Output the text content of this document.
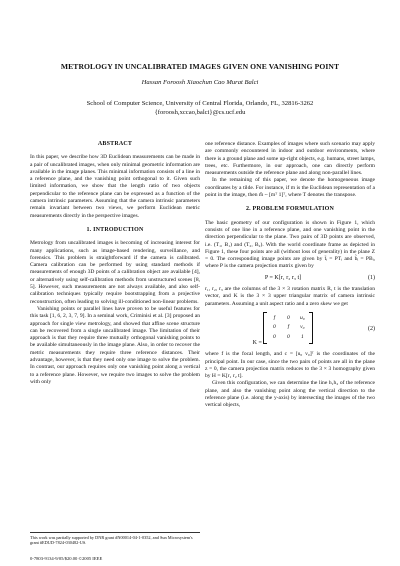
METROLOGY IN UNCALIBRATED IMAGES GIVEN ONE VANISHING POINT
Hassan Foroosh Xiaochun Cao Murat Balci
School of Computer Science, University of Central Florida, Orlando, FL, 32816-3262
{foroosh,xccao,balci}@cs.ucf.edu
ABSTRACT

In this paper, we describe how 3D Euclidean measurements can be made in a pair of uncalibrated images, when only minimal geometric information are available in the image planes. This minimal information consists of a line in a reference plane, and the vanishing point orthogonal to it. Given such limited information, we show that the length ratio of two objects perpendicular to the reference plane can be expressed as a function of the camera intrinsic parameters. Assuming that the camera intrinsic parameters remain invariant between two views, we perform Euclidean metric measurements directly in the perspective images.

1. INTRODUCTION

Metrology from uncalibrated images is becoming of increasing interest for many applications, such as image-based rendering, surveillance, and forensics. This problem is straightforward if the camera is calibrated. Camera calibration can be performed by using standard methods if measurements of enough 3D points of a calibration object are available [4], or alternatively using self-calibration methods from unstructured scenes [8, 5]. However, such measurements are not always available, and also self-calibration techniques typically require bootstrapping from a projective reconstruction, often leading to solving ill-conditioned non-linear problems.

Vanishing points or parallel lines have proven to be useful features for this task [1, 6, 2, 3, 7, 9]. In a seminal work, Criminisi et al. [3] proposed an approach for single view metrology, and showed that affine scene structure can be recovered from a single uncalibrated image. The limitation of their approach is that they require three mutually orthogonal vanishing points to be available simultaneously in the image plane. Also, in order to recover the metric measurements they require three reference distances. Their advantage, however, is that they need only one image to solve the problem. In contrast, our approach requires only one vanishing point along a vertical to a reference plane. However, we require two images to solve the problem with only

This work was partially supported by DNR grant #N00014-04-1-0352, and Sun Microsystem's grant #EDUD-7824-030482-US.
0-7803-9134-9/05/$20.00 ©2005 IEEE

one reference distance. Examples of images where such scenario may apply are commonly encountered in indoor and outdoor environments, where there is a ground plane and some up-right objects, e.g. humans, street lamps, trees, etc. Furthermore, in our approach, one can directly perform measurements outside the reference plane and along non-parallel lines.

In the remaining of this paper, we denote the homogeneous image coordinates by a tilde. For instance, if m is the Euclidean representation of a point in the image, then m̃ ~ [mᵀ 1]ᵀ, where T denotes the transpose.

2. PROBLEM FORMULATION

The basic geometry of our configuration is shown in Figure 1, which consists of one line in a reference plane, and one vanishing point in the direction perpendicular to the plane. Two pairs of 3D points are observed, i.e. (T₁, B₁) and (T₂, B₂). With the world coordinate frame as depicted in Figure 1, these four points are all (without loss of generality) in the plane Z = 0. The corresponding image points are given by t̃ᵢ = PTᵢ and b̃ᵢ = PBᵢ, where P is the camera projection matrix given by

P = K[r₁ r₂ r₃ t]	(1)

r₁, r₂, r₃ are the columns of the 3 × 3 rotation matrix R, t is the translation vector, and K is the 3 × 3 upper triangular matrix of camera intrinsic parameters. Assuming a unit aspect ratio and a zero skew we get

K =
f	0	u₀
0	f	v₀
0	0	1
(2)

where f is the focal length, and c = [u₀ v₀]ᵀ is the coordinates of the principal point. In our case, since the two pairs of points are all in the plane z = 0, the camera projection matrix reduces to the 3 × 3 homography given by H = K[r₁ r₂ t].

Given this configuration, we can determine the line h₁h₂ of the reference plane, and also the vanishing point along the vertical direction to the reference plane (i.e. along the y-axis) by intersecting the images of the two vertical objects,
